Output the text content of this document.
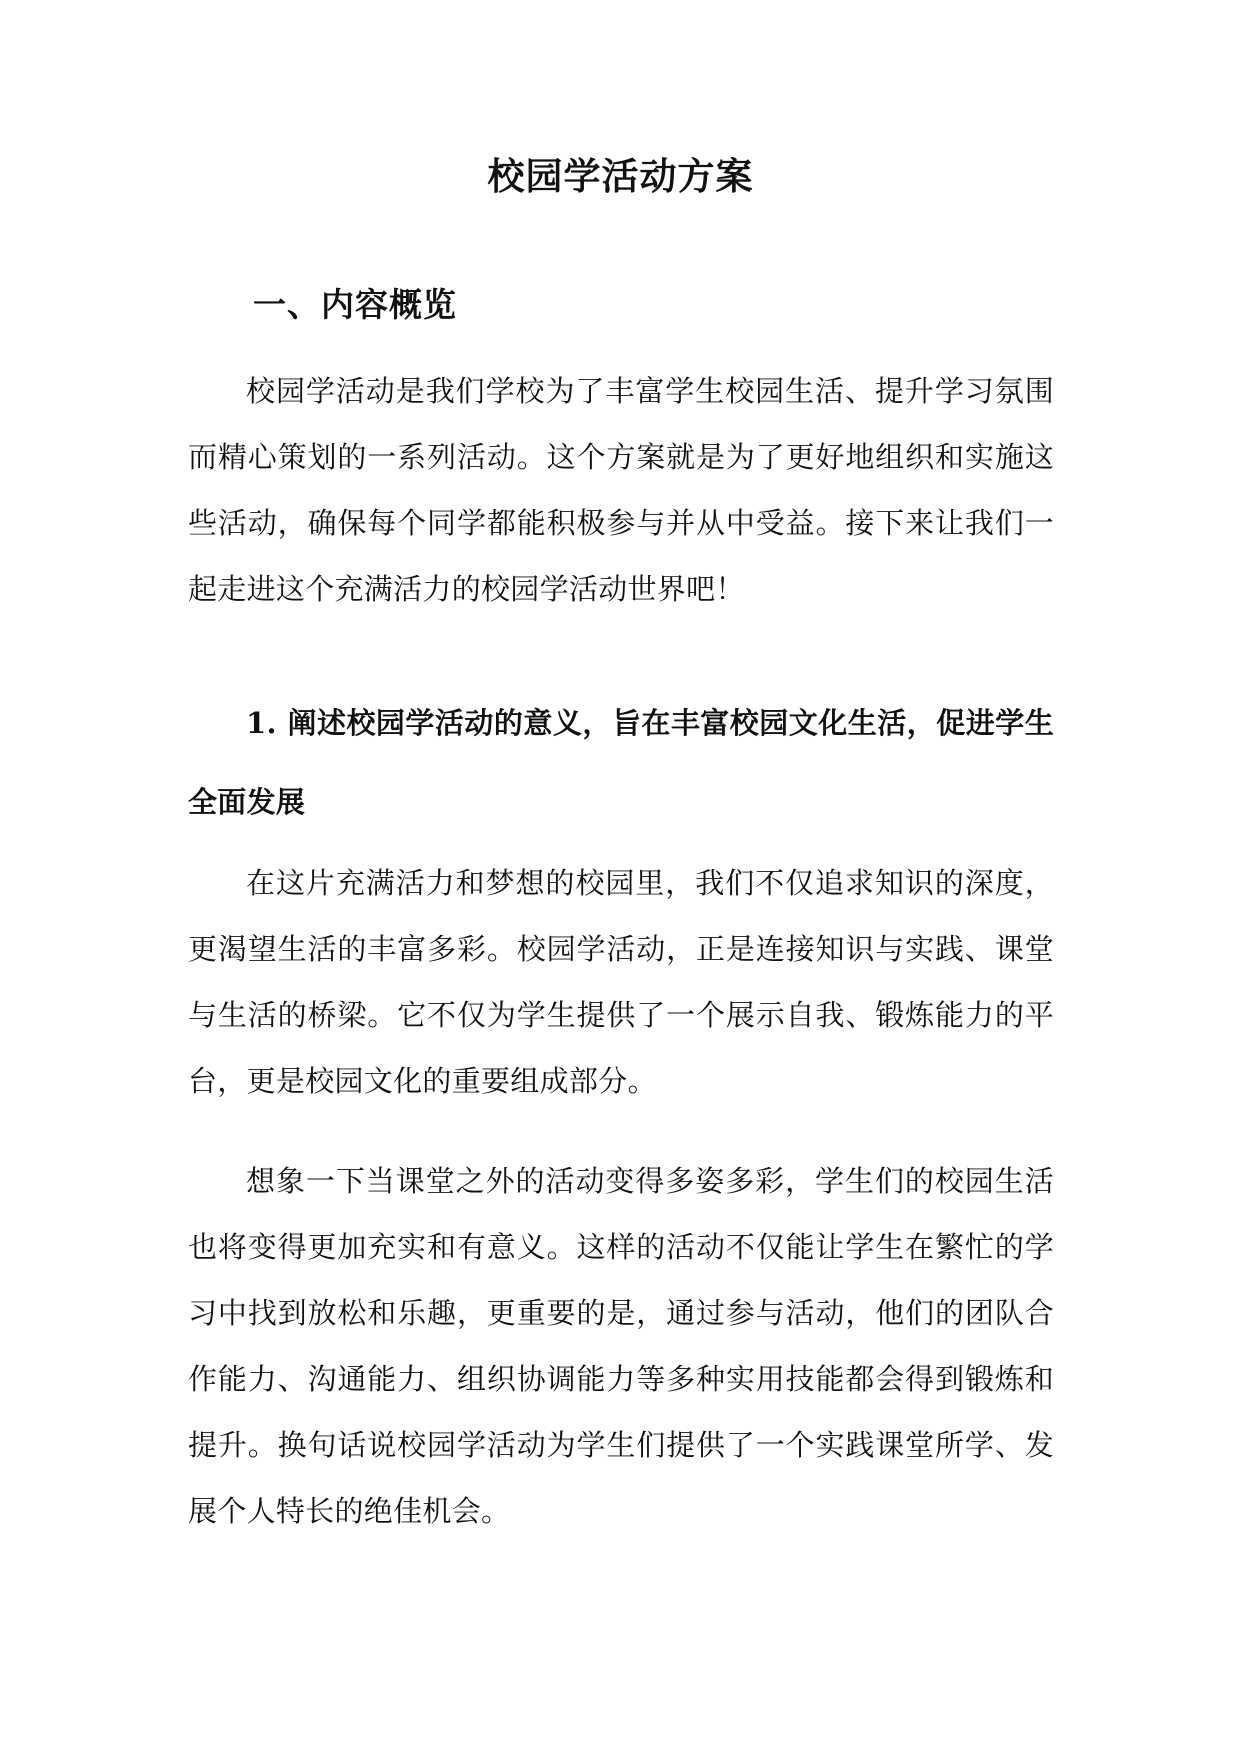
校园学活动方案
一、内容概览

校园学活动是我们学校为了丰富学生校园生活、提升学习氛围而精心策划的一系列活动。这个方案就是为了更好地组织和实施这些活动，确保每个同学都能积极参与并从中受益。接下来让我们一起走进这个充满活力的校园学活动世界吧！

1. 阐述校园学活动的意义，旨在丰富校园文化生活，促进学生全面发展

在这片充满活力和梦想的校园里，我们不仅追求知识的深度，更渴望生活的丰富多彩。校园学活动，正是连接知识与实践、课堂与生活的桥梁。它不仅为学生提供了一个展示自我、锻炼能力的平台，更是校园文化的重要组成部分。

想象一下当课堂之外的活动变得多姿多彩，学生们的校园生活也将变得更加充实和有意义。这样的活动不仅能让学生在繁忙的学习中找到放松和乐趣，更重要的是，通过参与活动，他们的团队合作能力、沟通能力、组织协调能力等多种实用技能都会得到锻炼和提升。换句话说校园学活动为学生们提供了一个实践课堂所学、发展个人特长的绝佳机会。
